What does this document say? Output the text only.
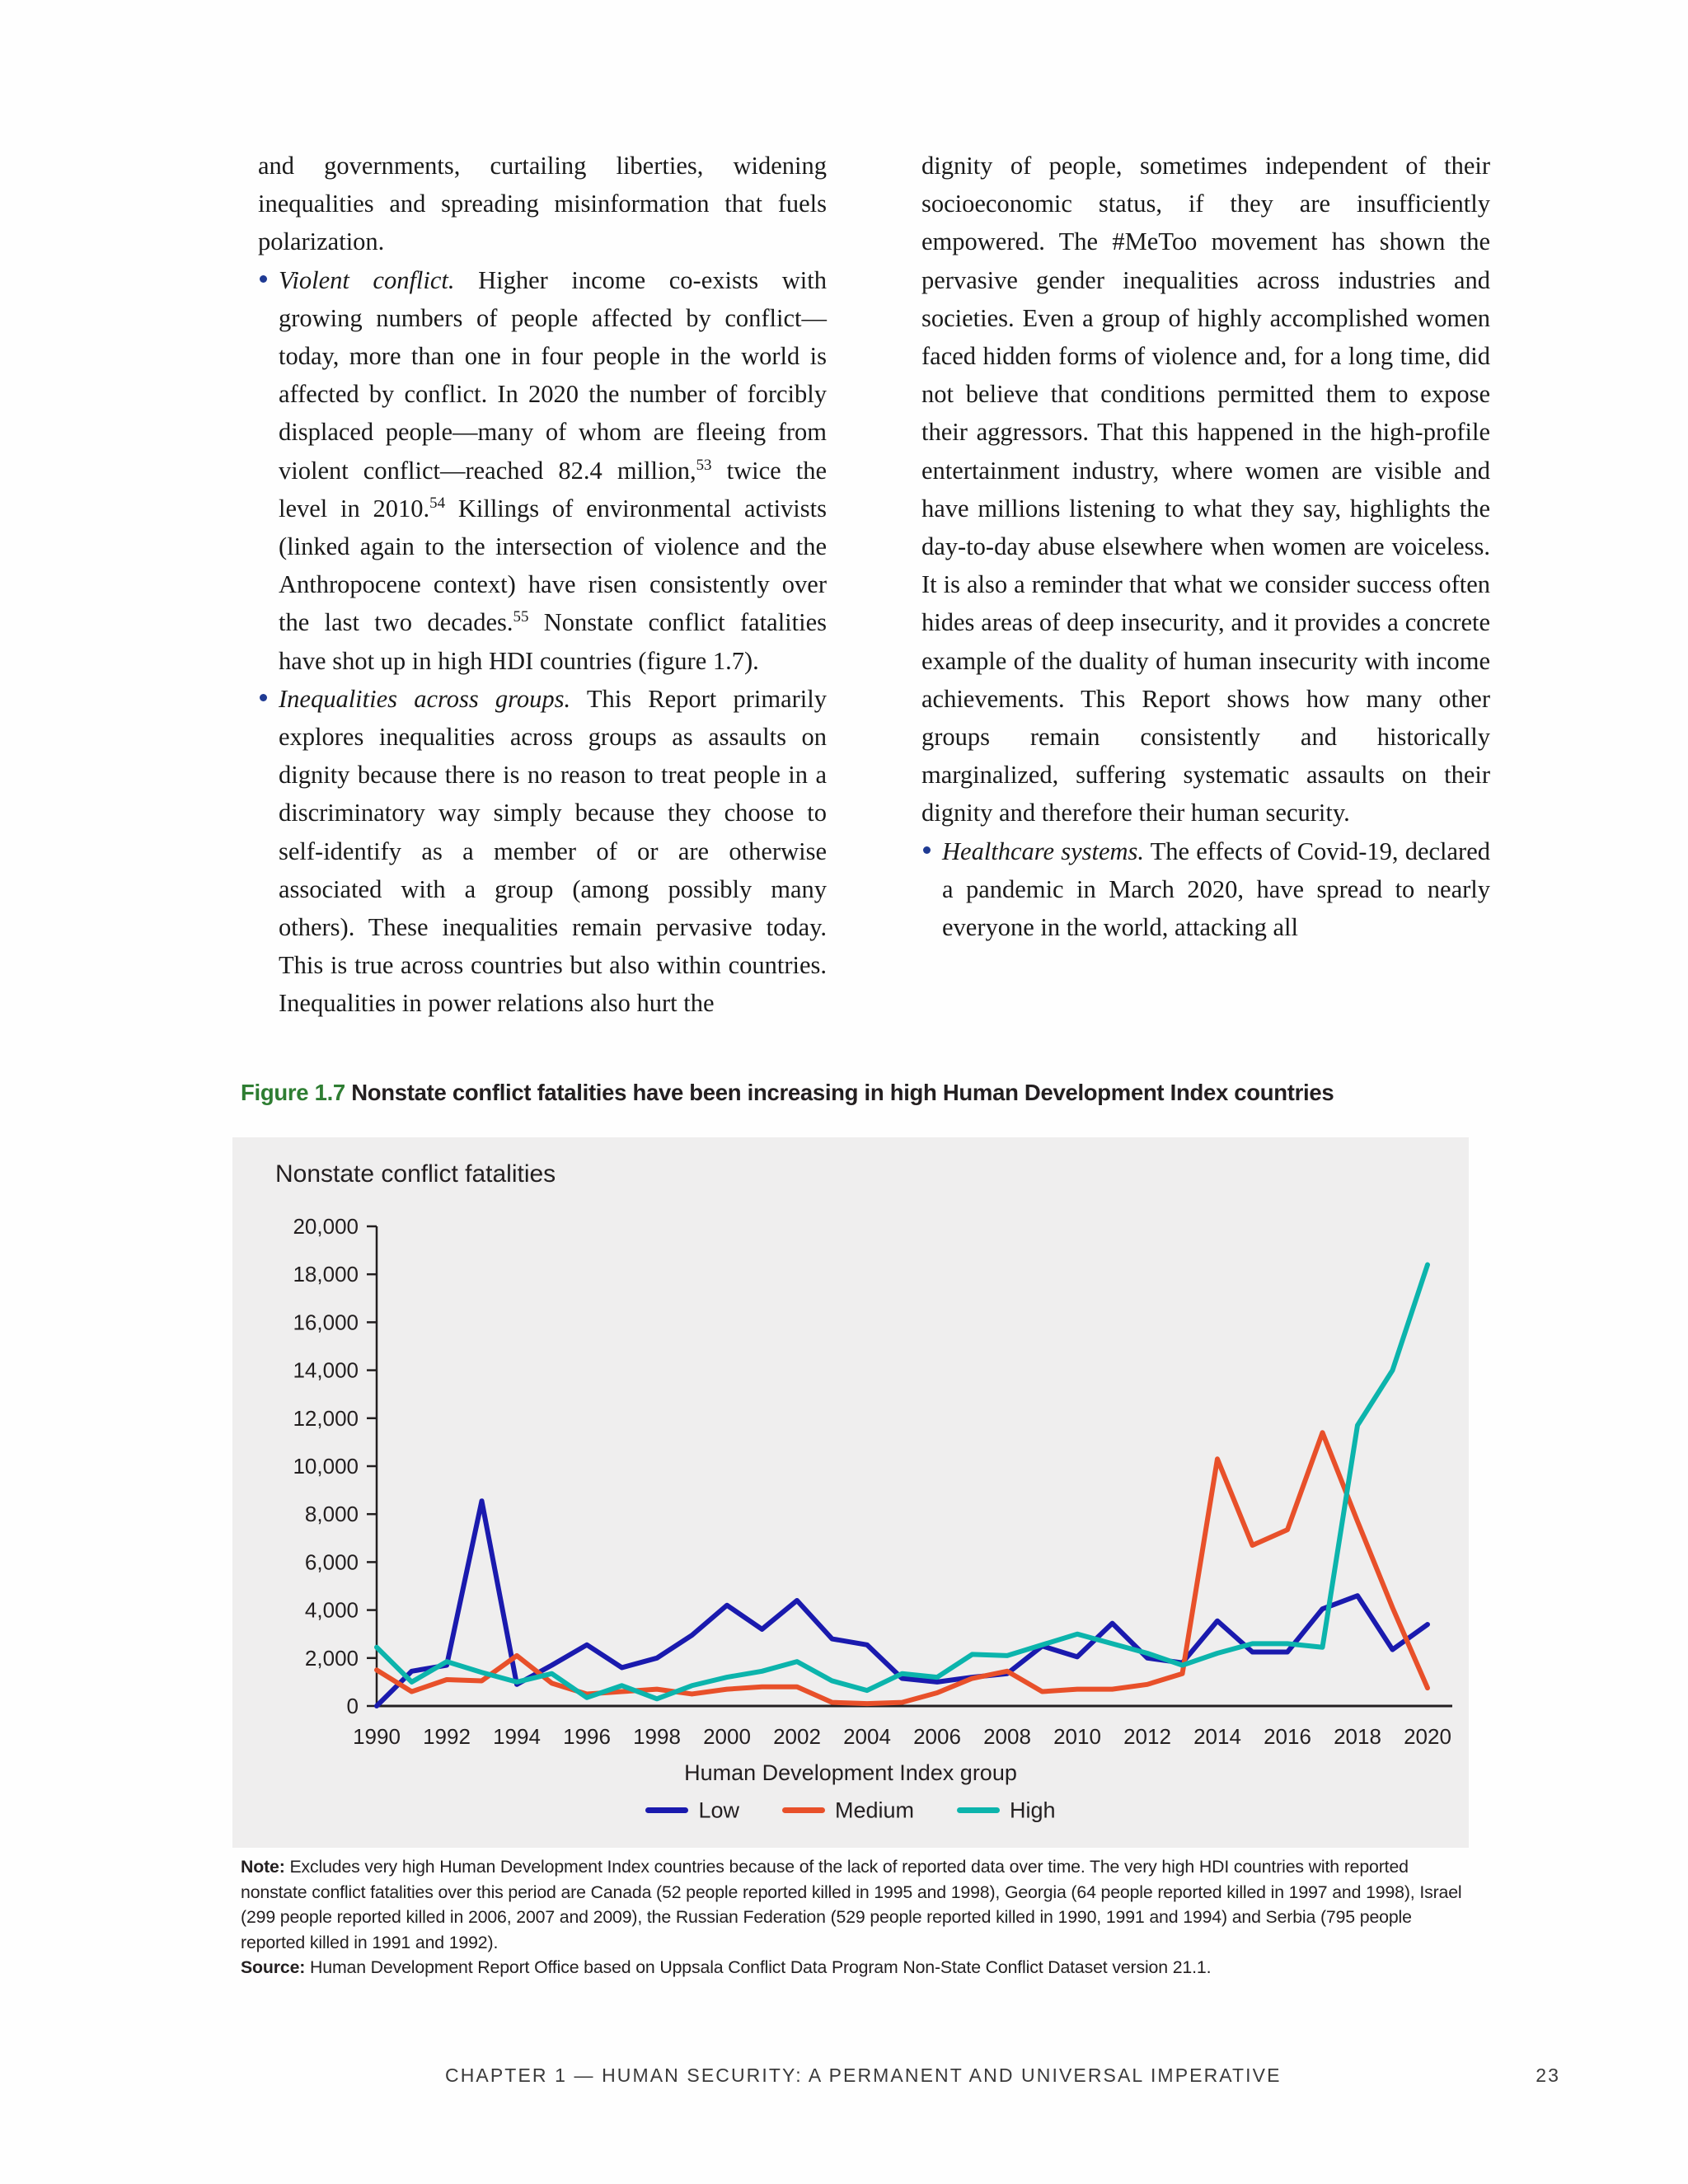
and governments, curtailing liberties, widening inequalities and spreading misinformation that fuels polarization.

Violent conflict. Higher income co-exists with growing numbers of people affected by conflict—today, more than one in four people in the world is affected by conflict. In 2020 the number of forcibly displaced people—many of whom are fleeing from violent conflict—reached 82.4 million,$^{53}$ twice the level in 2010.54 Killings of environmental activists (linked again to the intersection of violence and the Anthropocene context) have risen consistently over the last two decades.$^{55}$ Nonstate conflict fatalities have shot up in high HDI countries (figure 1.7).

Inequalities across groups. This Report primarily explores inequalities across groups as assaults on dignity because there is no reason to treat people in a discriminatory way simply because they choose to self-identify as a member of or are otherwise associated with a group (among possibly many others). These inequalities remain pervasive today. This is true across countries but also within countries. Inequalities in power relations also hurt the

dignity of people, sometimes independent of their socioeconomic status, if they are insufficiently empowered. The #MeToo movement has shown the pervasive gender inequalities across industries and societies. Even a group of highly accomplished women faced hidden forms of violence and, for a long time, did not believe that conditions permitted them to expose their aggressors. That this happened in the high-profile entertainment industry, where women are visible and have millions listening to what they say, highlights the day-to-day abuse elsewhere when women are voiceless. It is also a reminder that what we consider success often hides areas of deep insecurity, and it provides a concrete example of the duality of human insecurity with income achievements. This Report shows how many other groups remain consistently and historically marginalized, suffering systematic assaults on their dignity and therefore their human security.

Healthcare systems. The effects of Covid-19, declared a pandemic in March 2020, have spread to nearly everyone in the world, attacking all

Figure 1.7 Nonstate conflict fatalities have been increasing in high Human Development Index countries
Nonstate conflict fatalities
0
2,000
4,000
6,000
8,000
10,000
12,000
14,000
16,000
18,000
20,000
1990 1992 1994 1996 1998 2000 2002 2004 2006 2008 2010 2012 2014 2016 2018 2020
Human Development Index group
Low	Medium	High
Note: Excludes very high Human Development Index countries because of the lack of reported data over time. The very high HDI countries with reported nonstate conflict fatalities over this period are Canada (52 people reported killed in 1995 and 1998), Georgia (64 people reported killed in 1997 and 1998), Israel (299 people reported killed in 2006, 2007 and 2009), the Russian Federation (529 people reported killed in 1990, 1991 and 1994) and Serbia (795 people reported killed in 1991 and 1992).
Source: Human Development Report Office based on Uppsala Conflict Data Program Non-State Conflict Dataset version 21.1.
CHAPTER 1 — HUMAN SECURITY: A PERMANENT AND UNIVERSAL IMPERATIVE	23
